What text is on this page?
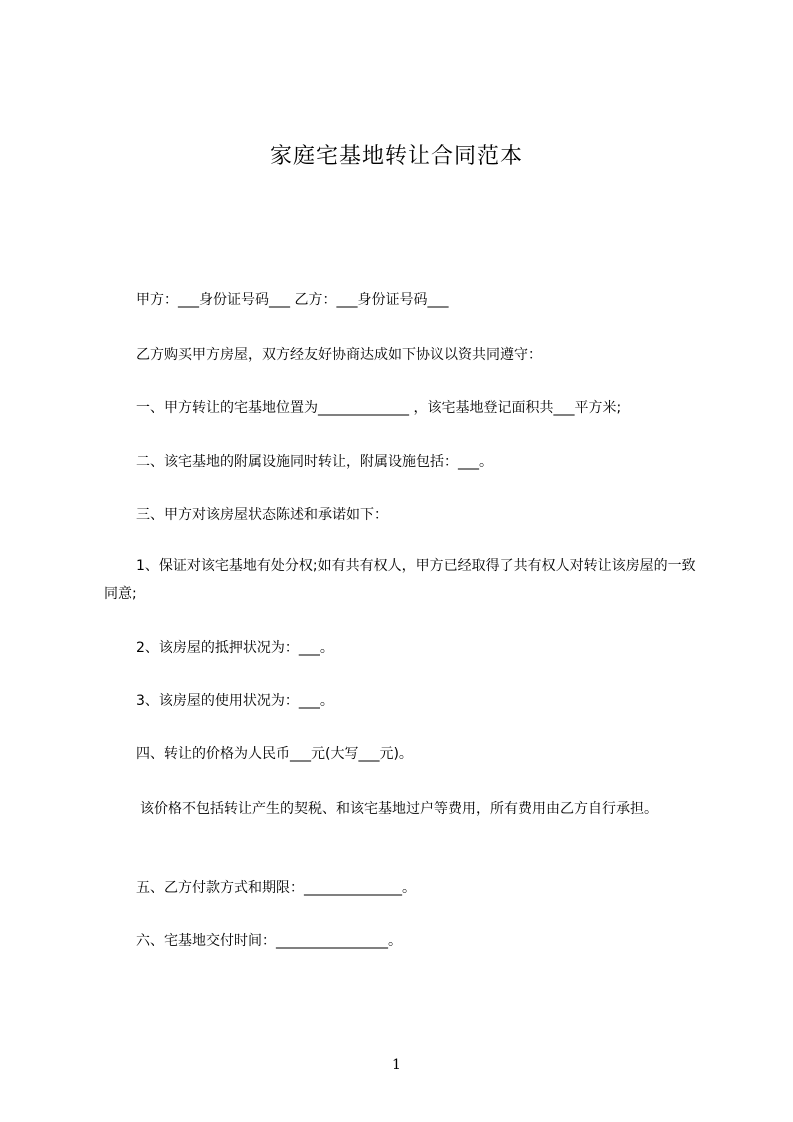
家庭宅基地转让合同范本
甲方：___身份证号码___ 乙方：___身份证号码___
乙方购买甲方房屋，双方经友好协商达成如下协议以资共同遵守：
一、甲方转让的宅基地位置为_____________ ，该宅基地登记面积共___平方米;
二、该宅基地的附属设施同时转让，附属设施包括：___。
三、甲方对该房屋状态陈述和承诺如下：
1、保证对该宅基地有处分权;如有共有权人，甲方已经取得了共有权人对转让该房屋的一致同意;
2、该房屋的抵押状况为：___。
3、该房屋的使用状况为：___。
四、转让的价格为人民币___元(大写___元)。
该价格不包括转让产生的契税、和该宅基地过户等费用，所有费用由乙方自行承担。
五、乙方付款方式和期限：______________。
六、宅基地交付时间：________________。
1
